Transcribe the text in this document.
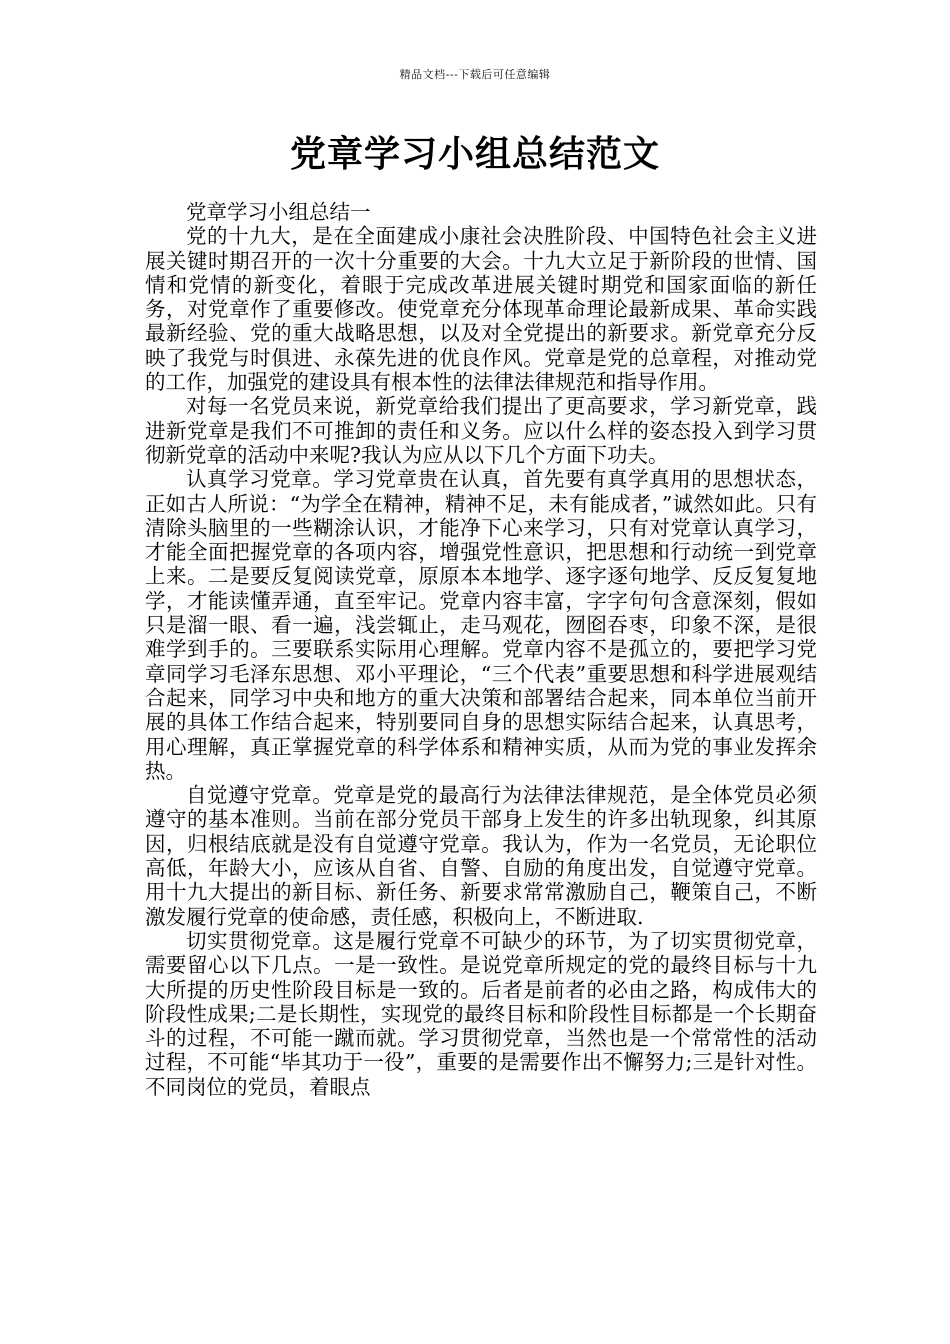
精品文档---下载后可任意编辑
党章学习小组总结范文

党章学习小组总结一

党的十九大，是在全面建成小康社会决胜阶段、中国特色社会主义进展关键时期召开的一次十分重要的大会。十九大立足于新阶段的世情、国情和党情的新变化，着眼于完成改革进展关键时期党和国家面临的新任务，对党章作了重要修改。使党章充分体现革命理论最新成果、革命实践最新经验、党的重大战略思想，以及对全党提出的新要求。新党章充分反映了我党与时俱进、永葆先进的优良作风。党章是党的总章程，对推动党的工作，加强党的建设具有根本性的法律法律规范和指导作用。

对每一名党员来说，新党章给我们提出了更高要求，学习新党章，践进新党章是我们不可推卸的责任和义务。应以什么样的姿态投入到学习贯彻新党章的活动中来呢?我认为应从以下几个方面下功夫。

认真学习党章。学习党章贵在认真，首先要有真学真用的思想状态，正如古人所说：“为学全在精神，精神不足，未有能成者，”诚然如此。只有清除头脑里的一些糊涂认识，才能净下心来学习，只有对党章认真学习，才能全面把握党章的各项内容，增强党性意识，把思想和行动统一到党章上来。二是要反复阅读党章，原原本本地学、逐字逐句地学、反反复复地学，才能读懂弄通，直至牢记。党章内容丰富，字字句句含意深刻，假如只是溜一眼、看一遍，浅尝辄止，走马观花，囫囵吞枣，印象不深，是很难学到手的。三要联系实际用心理解。党章内容不是孤立的，要把学习党章同学习毛泽东思想、邓小平理论，“三个代表”重要思想和科学进展观结合起来，同学习中央和地方的重大决策和部署结合起来，同本单位当前开展的具体工作结合起来，特别要同自身的思想实际结合起来，认真思考，用心理解，真正掌握党章的科学体系和精神实质，从而为党的事业发挥余热。

自觉遵守党章。党章是党的最高行为法律法律规范，是全体党员必须遵守的基本准则。当前在部分党员干部身上发生的许多出轨现象，纠其原因，归根结底就是没有自觉遵守党章。我认为，作为一名党员，无论职位高低，年龄大小，应该从自省、自警、自励的角度出发，自觉遵守党章。用十九大提出的新目标、新任务、新要求常常激励自己，鞭策自己，不断激发履行党章的使命感，责任感，积极向上，不断进取.

切实贯彻党章。这是履行党章不可缺少的环节，为了切实贯彻党章，需要留心以下几点。一是一致性。是说党章所规定的党的最终目标与十九大所提的历史性阶段目标是一致的。后者是前者的必由之路，构成伟大的阶段性成果;二是长期性，实现党的最终目标和阶段性目标都是一个长期奋斗的过程，不可能一蹴而就。学习贯彻党章，当然也是一个常常性的活动过程，不可能“毕其功于一役”，重要的是需要作出不懈努力;三是针对性。不同岗位的党员，着眼点
